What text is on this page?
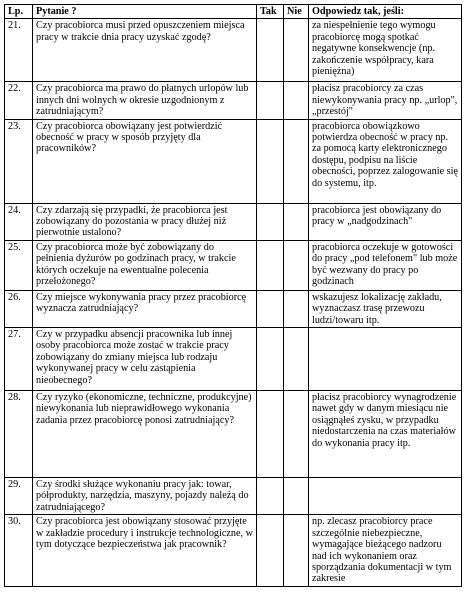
Lp.	Pytanie ?	Tak	Nie	Odpowiedz tak, jeśli:
21.	Czy pracobiorca musi przed opuszczeniem miejsca pracy w trakcie dnia pracy uzyskać zgodę?			za niespełnienie tego wymogu pracobiorcę mogą spotkać negatywne konsekwencje (np. zakończenie współpracy, kara pieniężna)
22.	Czy pracobiorca ma prawo do płatnych urlopów lub innych dni wolnych w okresie uzgodnionym z zatrudniającym?			płacisz pracobiorcy za czas niewykonywania pracy np. „urlop", „przestój"
23.	Czy pracobiorca obowiązany jest potwierdzić obecność w pracy w sposób przyjęty dla pracowników?			pracobiorca obowiązkowo potwierdza obecność w pracy np. za pomocą karty elektronicznego dostępu, podpisu na liście obecności, poprzez zalogowanie się do systemu, itp.
24.	Czy zdarzają się przypadki, że pracobiorca jest zobowiązany do pozostania w pracy dłużej niż pierwotnie ustalono?			pracobiorca jest obowiązany do pracy w „nadgodzinach"
25.	Czy pracobiorca może być zobowiązany do pełnienia dyżurów po godzinach pracy, w trakcie których oczekuje na ewentualne polecenia przełożonego?			pracobiorca oczekuje w gotowości do pracy „pod telefonem" lub może być wezwany do pracy po godzinach
26.	Czy miejsce wykonywania pracy przez pracobiorcę wyznacza zatrudniający?			wskazujesz lokalizację zakładu, wyznaczasz trasę przewozu ludzi/towaru itp.
27.	Czy w przypadku absencji pracownika lub innej osoby pracobiorca może zostać w trakcie pracy zobowiązany do zmiany miejsca lub rodzaju wykonywanej pracy w celu zastąpienia nieobecnego?			
28.	Czy ryzyko (ekonomiczne, techniczne, produkcyjne) niewykonania lub nieprawidłowego wykonania zadania przez pracobiorcę ponosi zatrudniający?			płacisz pracobiorcy wynagrodzenie nawet gdy w danym miesiącu nie osiągnąłeś zysku, w przypadku niedostarczenia na czas materiałów do wykonania pracy itp.
29.	Czy środki służące wykonaniu pracy jak: towar, półprodukty, narzędzia, maszyny, pojazdy należą do zatrudniającego?			
30.	Czy pracobiorca jest obowiązany stosować przyjęte w zakładzie procedury i instrukcje technologiczne, w tym dotyczące bezpieczeństwa jak pracownik?			np. zlecasz pracobiorcy prace szczególnie niebezpieczne, wymagające bieżącego nadzoru nad ich wykonaniem oraz sporządzania dokumentacji w tym zakresie
